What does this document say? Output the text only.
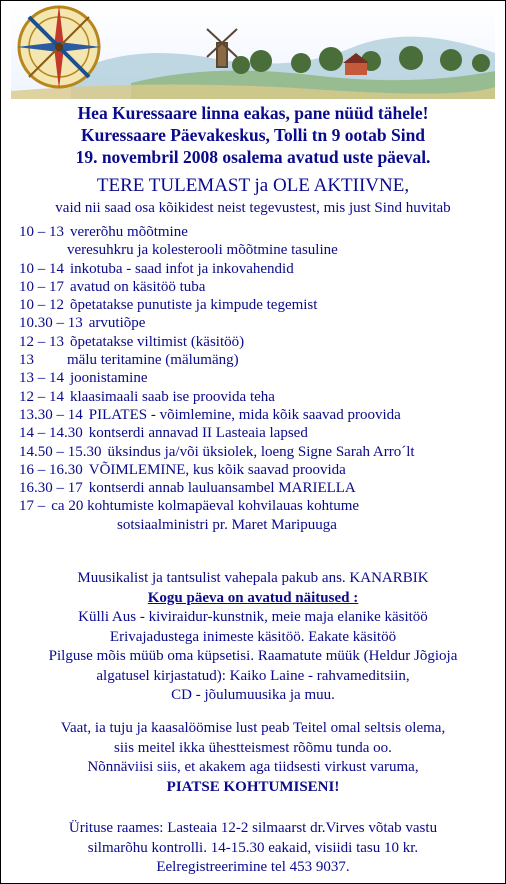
Hea Kuressaare linna eakas, pane nüüd tähele!
Kuressaare Päevakeskus, Tolli tn 9 ootab Sind
19. novembril 2008 osalema avatud uste päeval.
TERE TULEMAST ja OLE AKTIIVNE,
vaid nii saad osa kõikidest neist tegevustest, mis just Sind huvitab
10 – 13 vererõhu mõõtmine
veresuhkru ja kolesterooli mõõtmine tasuline
10 – 14 inkotuba - saad infot ja inkovahendid
10 – 17 avatud on käsitöö tuba
10 – 12 õpetatakse punutiste ja kimpude tegemist
10.30 – 13 arvutiõpe
12 – 13 õpetatakse viltimist (käsitöö)
13	mälu teritamine (mälumäng)
13 – 14 joonistamine
12 – 14 klaasimaali saab ise proovida teha
13.30 – 14 PILATES - võimlemine, mida kõik saavad proovida
14 – 14.30 kontserdi annavad II Lasteaia lapsed
14.50 – 15.30 üksindus ja/või üksiolek, loeng Signe Sarah Arro´lt
16 – 16.30 VÕIMLEMINE, kus kõik saavad proovida
16.30 – 17 kontserdi annab lauluansambel MARIELLA
17 – ca 20 kohtumiste kolmapäeval kohvilauas kohtume
sotsiaalministri pr. Maret Maripuuga
Muusikalist ja tantsulist vahepala pakub ans. KANARBIK
Kogu päeva on avatud näitused :
Külli Aus - kiviraidur-kunstnik, meie maja elanike käsitöö
Erivajadustega inimeste käsitöö. Eakate käsitöö
Pilguse mõis müüb oma küpsetisi. Raamatute müük (Heldur Jõgioja
algatusel kirjastatud): Kaiko Laine - rahvameditsiin,
CD - jõulumuusika ja muu.
Vaat, ia tuju ja kaasalöömise lust peab Teitel omal seltsis olema,
siis meitel ikka ühestteismest rõõmu tunda oo.
Nõnnäviisi siis, et akakem aga tiidsesti virkust varuma,
PIATSE KOHTUMISENI!
Ürituse raames: Lasteaia 12-2 silmaarst dr.Virves võtab vastu
silmarõhu kontrolli. 14-15.30 eakaid, visiidi tasu 10 kr.
Eelregistreerimine tel 453 9037.
